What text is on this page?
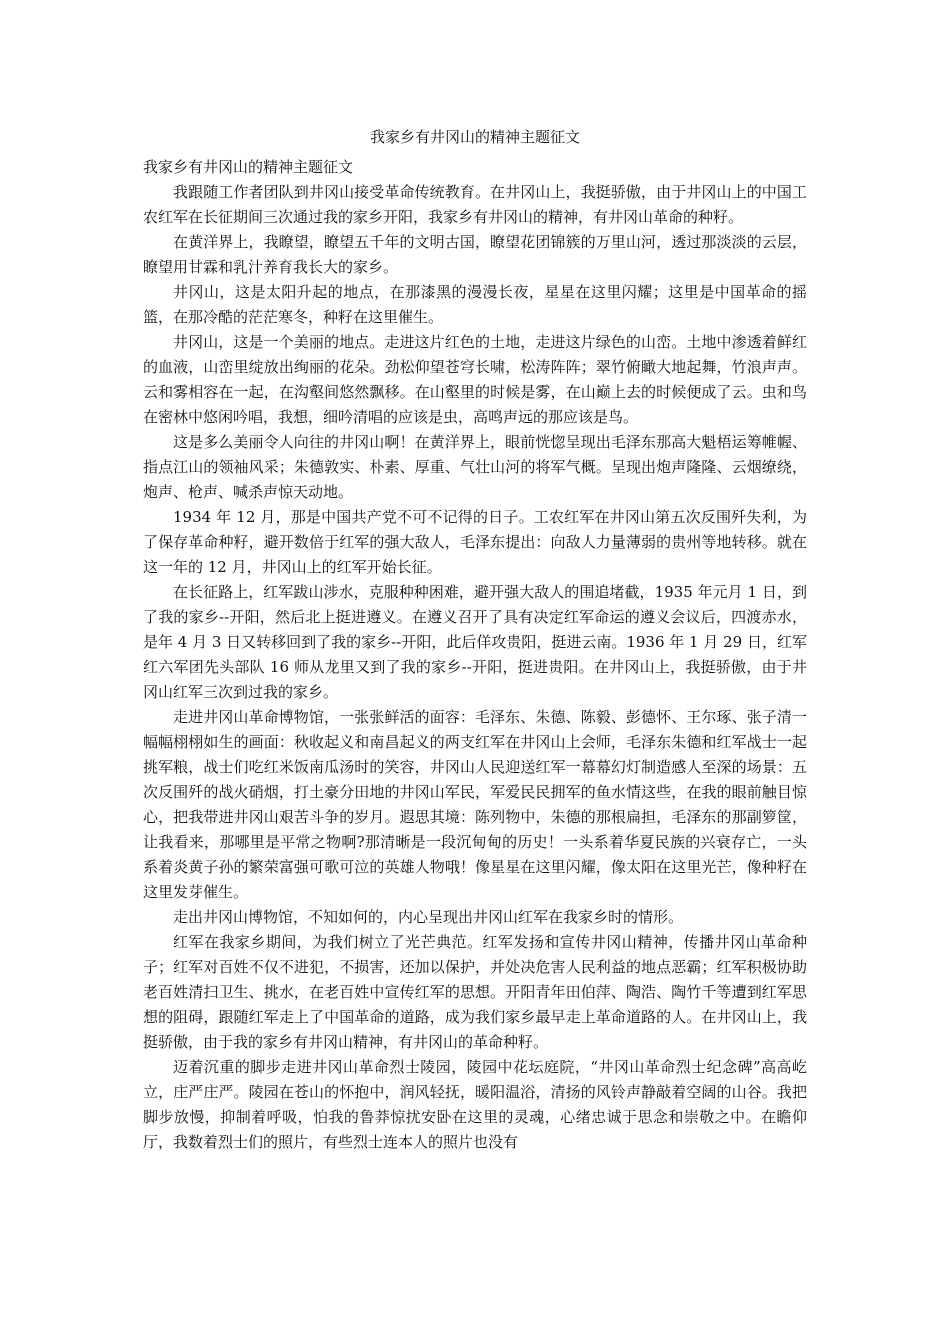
我家乡有井冈山的精神主题征文

我家乡有井冈山的精神主题征文

我跟随工作者团队到井冈山接受革命传统教育。在井冈山上，我挺骄傲，由于井冈山上的中国工农红军在长征期间三次通过我的家乡开阳，我家乡有井冈山的精神，有井冈山革命的种籽。

在黄洋界上，我瞭望，瞭望五千年的文明古国，瞭望花团锦簇的万里山河，透过那淡淡的云层，瞭望用甘霖和乳汁养育我长大的家乡。

井冈山，这是太阳升起的地点，在那漆黑的漫漫长夜，星星在这里闪耀；这里是中国革命的摇篮，在那冷酷的茫茫寒冬，种籽在这里催生。

井冈山，这是一个美丽的地点。走进这片红色的土地，走进这片绿色的山峦。土地中渗透着鲜红的血液，山峦里绽放出绚丽的花朵。劲松仰望苍穹长啸，松涛阵阵；翠竹俯瞰大地起舞，竹浪声声。云和雾相容在一起，在沟壑间悠然飘移。在山壑里的时候是雾，在山巅上去的时候便成了云。虫和鸟在密林中悠闲吟唱，我想，细吟清唱的应该是虫，高鸣声远的那应该是鸟。

这是多么美丽令人向往的井冈山啊！在黄洋界上，眼前恍惚呈现出毛泽东那高大魁梧运筹帷幄、指点江山的领袖风采；朱德敦实、朴素、厚重、气壮山河的将军气概。呈现出炮声隆隆、云烟缭绕，炮声、枪声、喊杀声惊天动地。

1934 年 12 月，那是中国共产党不可不记得的日子。工农红军在井冈山第五次反围歼失利，为了保存革命种籽，避开数倍于红军的强大敌人，毛泽东提出：向敌人力量薄弱的贵州等地转移。就在这一年的 12 月，井冈山上的红军开始长征。

在长征路上，红军跋山涉水，克服种种困难，避开强大敌人的围追堵截，1935 年元月 1 日，到了我的家乡--开阳，然后北上挺进遵义。在遵义召开了具有决定红军命运的遵义会议后，四渡赤水，是年 4 月 3 日又转移回到了我的家乡--开阳，此后佯攻贵阳，挺进云南。1936 年 1 月 29 日，红军红六军团先头部队 16 师从龙里又到了我的家乡--开阳，挺进贵阳。在井冈山上，我挺骄傲，由于井冈山红军三次到过我的家乡。

走进井冈山革命博物馆，一张张鲜活的面容：毛泽东、朱德、陈毅、彭德怀、王尔琢、张子清一幅幅栩栩如生的画面：秋收起义和南昌起义的两支红军在井冈山上会师，毛泽东朱德和红军战士一起挑军粮，战士们吃红米饭南瓜汤时的笑容，井冈山人民迎送红军一幕幕幻灯制造感人至深的场景：五次反围歼的战火硝烟，打土豪分田地的井冈山军民，军爱民民拥军的鱼水情这些，在我的眼前触目惊心，把我带进井冈山艰苦斗争的岁月。遐思其境：陈列物中，朱德的那根扁担，毛泽东的那副箩筐，让我看来，那哪里是平常之物啊?那清晰是一段沉甸甸的历史！一头系着华夏民族的兴衰存亡，一头系着炎黄子孙的繁荣富强可歌可泣的英雄人物哦！像星星在这里闪耀，像太阳在这里光芒，像种籽在这里发芽催生。

走出井冈山博物馆，不知如何的，内心呈现出井冈山红军在我家乡时的情形。

红军在我家乡期间，为我们树立了光芒典范。红军发扬和宣传井冈山精神，传播井冈山革命种子；红军对百姓不仅不进犯，不损害，还加以保护，并处决危害人民利益的地点恶霸；红军积极协助老百姓清扫卫生、挑水，在老百姓中宣传红军的思想。开阳青年田伯萍、陶浩、陶竹千等遭到红军思想的阻碍，跟随红军走上了中国革命的道路，成为我们家乡最早走上革命道路的人。在井冈山上，我挺骄傲，由于我的家乡有井冈山精神，有井冈山的革命种籽。

迈着沉重的脚步走进井冈山革命烈士陵园，陵园中花坛庭院，“井冈山革命烈士纪念碑”高高屹立，庄严庄严。陵园在苍山的怀抱中，润风轻抚，暖阳温浴，清扬的风铃声静敲着空阔的山谷。我把脚步放慢，抑制着呼吸，怕我的鲁莽惊扰安卧在这里的灵魂，心绪忠诚于思念和崇敬之中。在瞻仰厅，我数着烈士们的照片，有些烈士连本人的照片也没有
